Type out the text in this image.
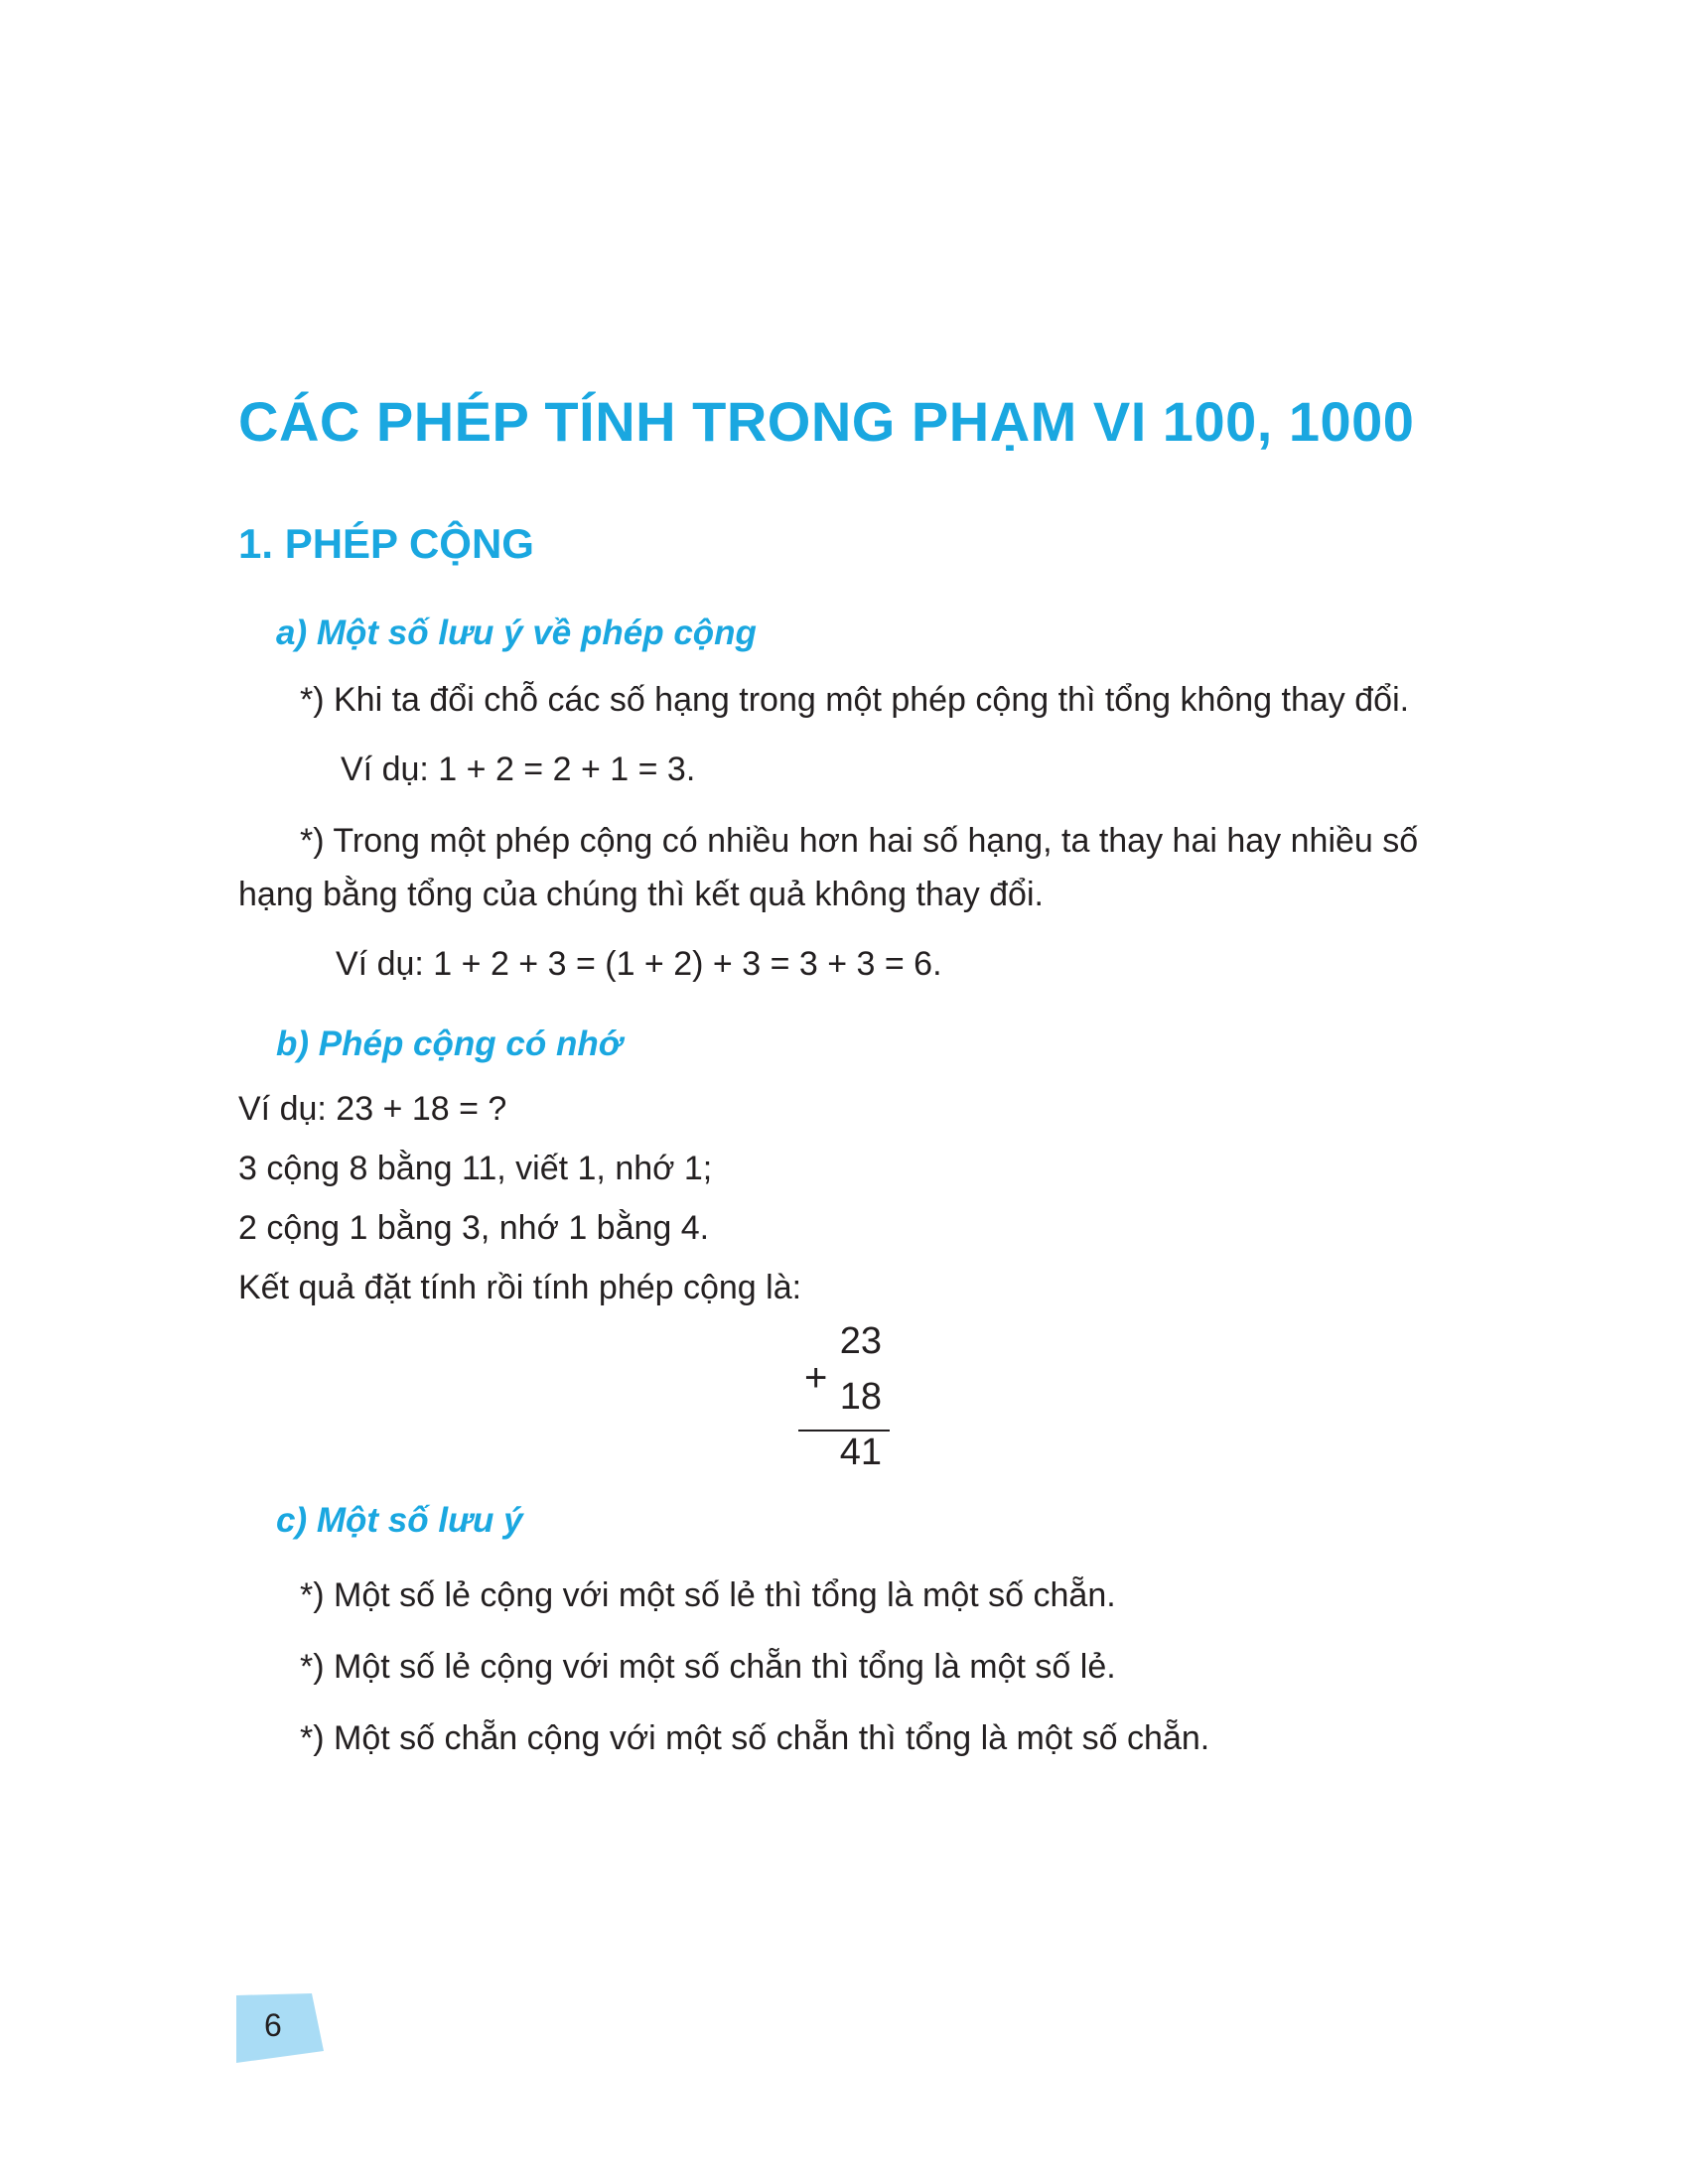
CÁC PHÉP TÍNH TRONG PHẠM VI 100, 1000
1. PHÉP CỘNG
a) Một số lưu ý về phép cộng
*) Khi ta đổi chỗ các số hạng trong một phép cộng thì tổng không thay đổi.
Ví dụ: 1 + 2 = 2 + 1 = 3.
*) Trong một phép cộng có nhiều hơn hai số hạng, ta thay hai hay nhiều số
hạng bằng tổng của chúng thì kết quả không thay đổi.
Ví dụ: 1 + 2 + 3 = (1 + 2) + 3 = 3 + 3 = 6.
b) Phép cộng có nhớ
Ví dụ: 23 + 18 = ?
3 cộng 8 bằng 11, viết 1, nhớ 1;
2 cộng 1 bằng 3, nhớ 1 bằng 4.
Kết quả đặt tính rồi tính phép cộng là:
23
+ 18
41
c) Một số lưu ý
*) Một số lẻ cộng với một số lẻ thì tổng là một số chẵn.
*) Một số lẻ cộng với một số chẵn thì tổng là một số lẻ.
*) Một số chẵn cộng với một số chẵn thì tổng là một số chẵn.
6
